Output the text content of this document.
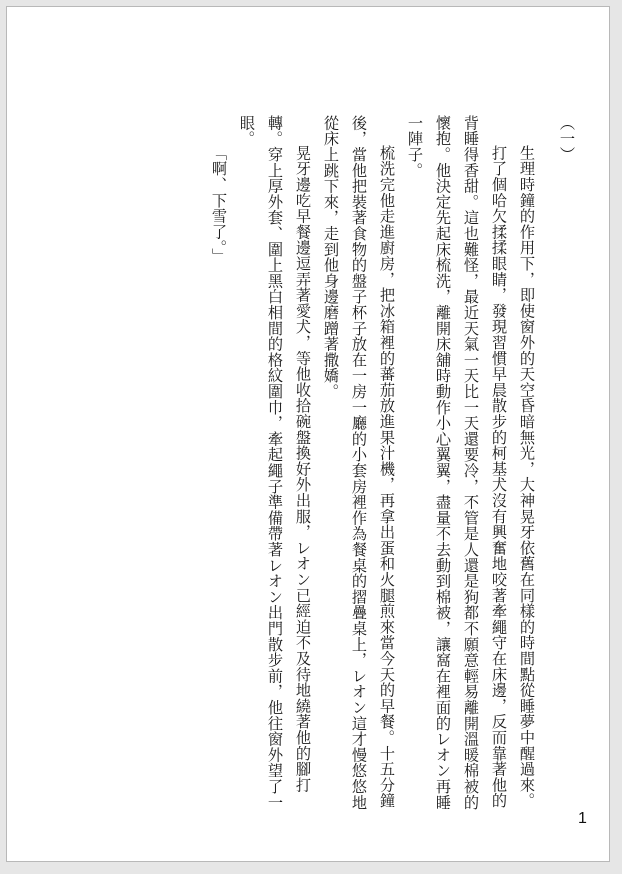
（一）

生理時鐘的作用下，即使窗外的天空昏暗無光，大神晃牙依舊在同樣的時間點從睡夢中醒過來。

打了個哈欠揉揉眼睛，發現習慣早晨散步的柯基犬沒有興奮地咬著牽繩守在床邊，反而靠著他的背睡得香甜。這也難怪，最近天氣一天比一天還要冷，不管是人還是狗都不願意輕易離開溫暖棉被的懷抱。他決定先起床梳洗，離開床舖時動作小心翼翼，盡量不去動到棉被，讓窩在裡面的レオン再睡一陣子。

梳洗完他走進廚房，把冰箱裡的蕃茄放進果汁機，再拿出蛋和火腿煎來當今天的早餐。十五分鐘後，當他把裝著食物的盤子杯子放在一房一廳的小套房裡作為餐桌的摺疊桌上，レオン這才慢悠悠地從床上跳下來，走到他身邊磨蹭著撒嬌。

晃牙邊吃早餐邊逗弄著愛犬，等他收拾碗盤換好外出服，レオン已經迫不及待地繞著他的腳打轉。穿上厚外套、圍上黑白相間的格紋圍巾，牽起繩子準備帶著レオン出門散步前，他往窗外望了一眼。

「啊、下雪了。」

1
